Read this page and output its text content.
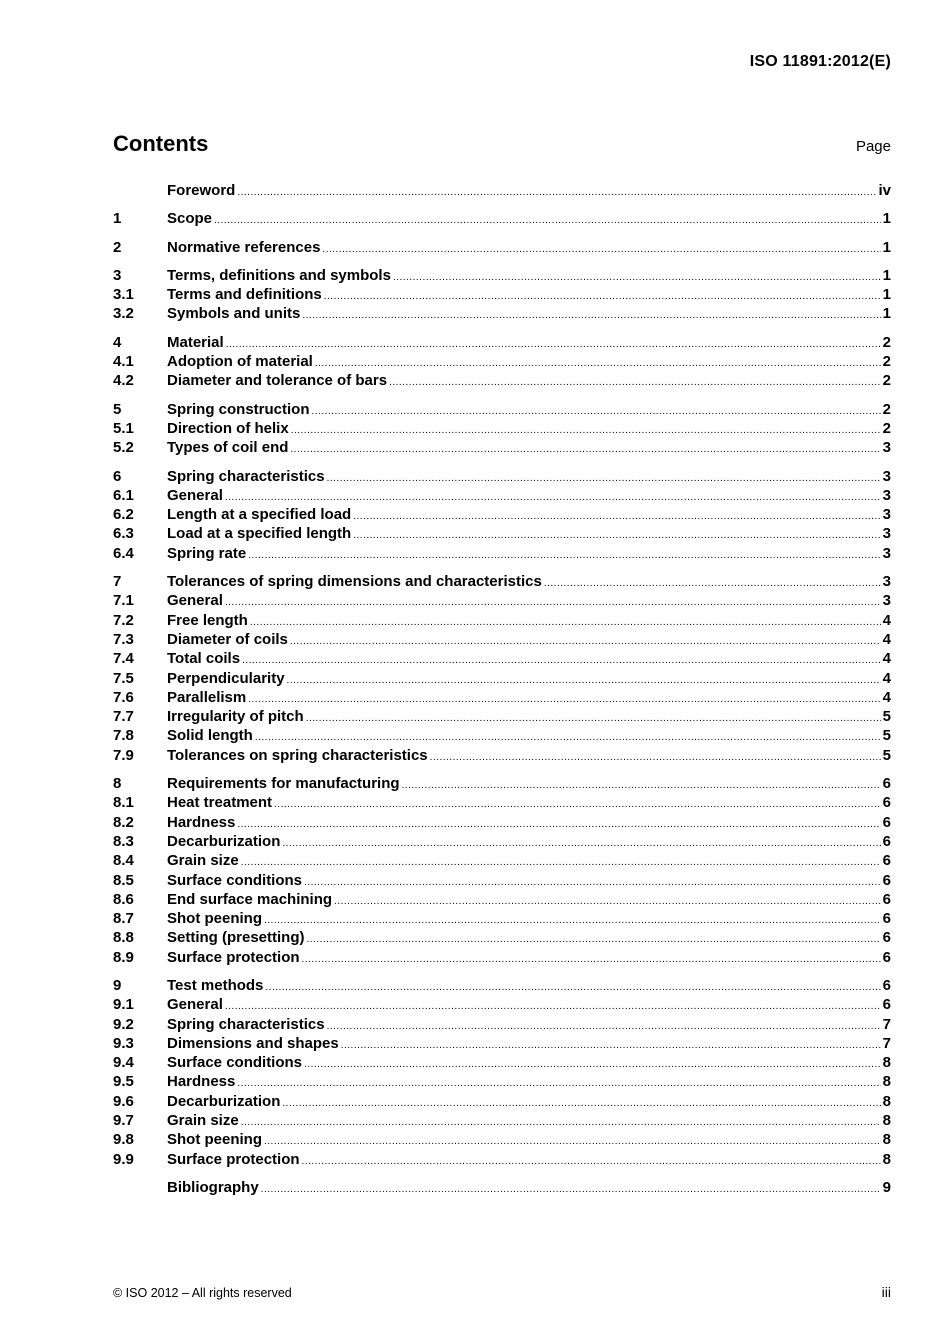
ISO 11891:2012(E)
Contents	Page
Foreword .....	iv
1	Scope .....	1
2	Normative references .....	1
3	Terms, definitions and symbols .....	1
3.1	Terms and definitions .....	1
3.2	Symbols and units .....	1
4	Material .....	2
4.1	Adoption of material .....	2
4.2	Diameter and tolerance of bars .....	2
5	Spring construction .....	2
5.1	Direction of helix .....	2
5.2	Types of coil end .....	3
6	Spring characteristics .....	3
6.1	General .....	3
6.2	Length at a specified load .....	3
6.3	Load at a specified length .....	3
6.4	Spring rate .....	3
7	Tolerances of spring dimensions and characteristics .....	3
7.1	General .....	3
7.2	Free length .....	4
7.3	Diameter of coils .....	4
7.4	Total coils .....	4
7.5	Perpendicularity .....	4
7.6	Parallelism .....	4
7.7	Irregularity of pitch .....	5
7.8	Solid length .....	5
7.9	Tolerances on spring characteristics .....	5
8	Requirements for manufacturing .....	6
8.1	Heat treatment .....	6
8.2	Hardness .....	6
8.3	Decarburization .....	6
8.4	Grain size .....	6
8.5	Surface conditions .....	6
8.6	End surface machining .....	6
8.7	Shot peening .....	6
8.8	Setting (presetting) .....	6
8.9	Surface protection .....	6
9	Test methods .....	6
9.1	General .....	6
9.2	Spring characteristics .....	7
9.3	Dimensions and shapes .....	7
9.4	Surface conditions .....	8
9.5	Hardness .....	8
9.6	Decarburization .....	8
9.7	Grain size .....	8
9.8	Shot peening .....	8
9.9	Surface protection .....	8
Bibliography .....	9
© ISO 2012 – All rights reserved	iii
